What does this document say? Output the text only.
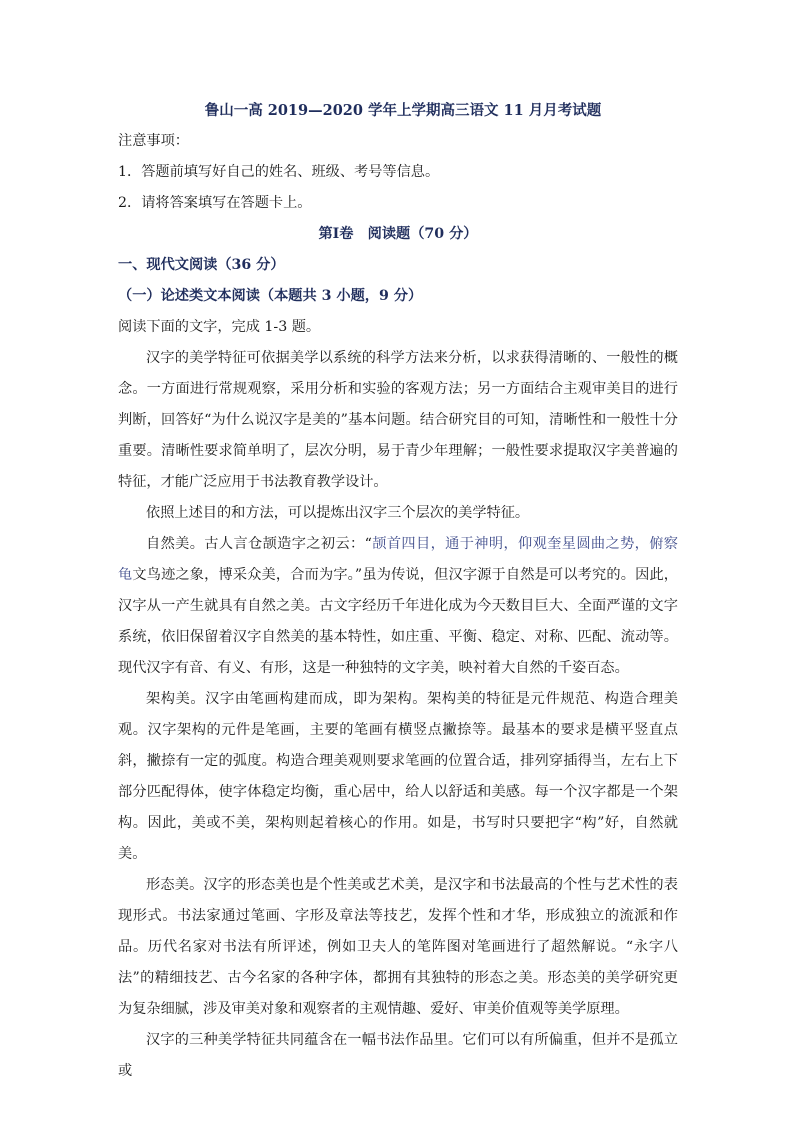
鲁山一高 2019—2020 学年上学期高三语文 11 月月考试题

注意事项：

1．答题前填写好自己的姓名、班级、考号等信息。

2．请将答案填写在答题卡上。

第Ⅰ卷　阅读题（70 分）

一、现代文阅读（36 分）

（一）论述类文本阅读（本题共 3 小题，9 分）

阅读下面的文字，完成 1-3 题。

汉字的美学特征可依据美学以系统的科学方法来分析，以求获得清晰的、一般性的概念。一方面进行常规观察，采用分析和实验的客观方法；另一方面结合主观审美目的进行判断，回答好“为什么说汉字是美的”基本问题。结合研究目的可知，清晰性和一般性十分重要。清晰性要求简单明了，层次分明，易于青少年理解；一般性要求提取汉字美普遍的特征，才能广泛应用于书法教育教学设计。

依照上述目的和方法，可以提炼出汉字三个层次的美学特征。

自然美。古人言仓颉造字之初云：“颉首四目，通于神明，仰观奎星圆曲之势，俯察龟文鸟迹之象，博采众美，合而为字。”虽为传说，但汉字源于自然是可以考究的。因此，汉字从一产生就具有自然之美。古文字经历千年进化成为今天数目巨大、全面严谨的文字系统，依旧保留着汉字自然美的基本特性，如庄重、平衡、稳定、对称、匹配、流动等。现代汉字有音、有义、有形，这是一种独特的文字美，映衬着大自然的千姿百态。

架构美。汉字由笔画构建而成，即为架构。架构美的特征是元件规范、构造合理美观。汉字架构的元件是笔画，主要的笔画有横竖点撇捺等。最基本的要求是横平竖直点斜，撇捺有一定的弧度。构造合理美观则要求笔画的位置合适，排列穿插得当，左右上下部分匹配得体，使字体稳定均衡，重心居中，给人以舒适和美感。每一个汉字都是一个架构。因此，美或不美，架构则起着核心的作用。如是，书写时只要把字“构”好，自然就美。

形态美。汉字的形态美也是个性美或艺术美，是汉字和书法最高的个性与艺术性的表现形式。书法家通过笔画、字形及章法等技艺，发挥个性和才华，形成独立的流派和作品。历代名家对书法有所评述，例如卫夫人的笔阵图对笔画进行了超然解说。“永字八法”的精细技艺、古今名家的各种字体，都拥有其独特的形态之美。形态美的美学研究更为复杂细腻，涉及审美对象和观察者的主观情趣、爱好、审美价值观等美学原理。

汉字的三种美学特征共同蕴含在一幅书法作品里。它们可以有所偏重，但并不是孤立或
